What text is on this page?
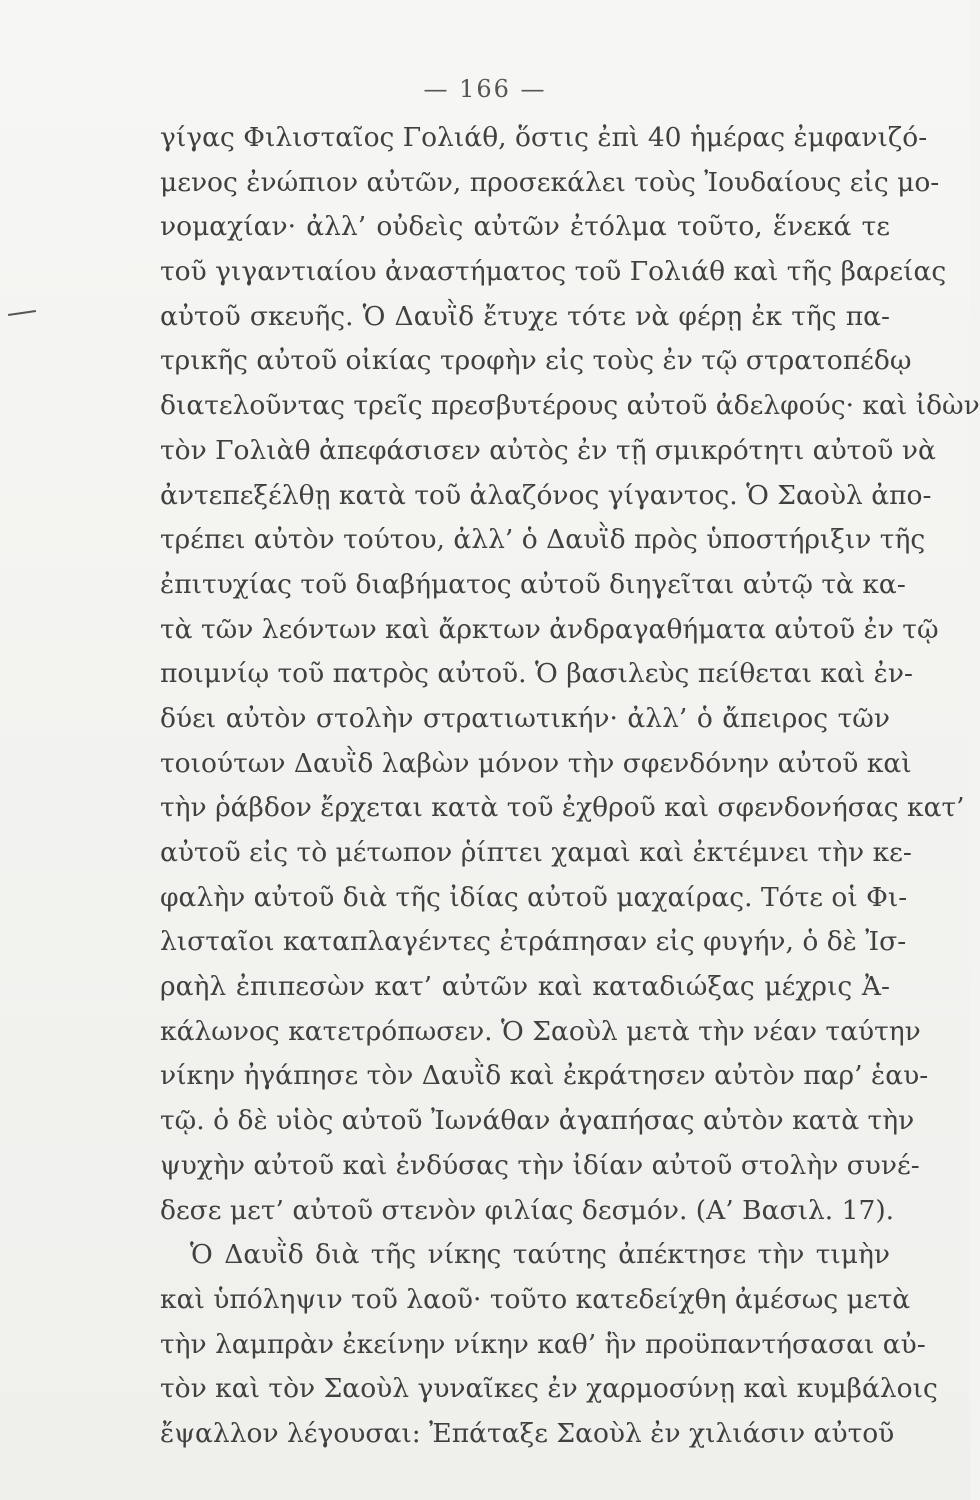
— 166 —
γίγας Φιλισταῖος Γολιάθ, ὅστις ἐπὶ 40 ἡμέρας ἐμφανιζό-
μενος ἐνώπιον αὐτῶν, προσεκάλει τοὺς Ἰουδαίους εἰς μο-
νομαχίαν· ἀλλ’ οὐδεὶς αὐτῶν ἐτόλμα τοῦτο, ἕνεκά τε
τοῦ γιγαντιαίου ἀναστήματος τοῦ Γολιάθ καὶ τῆς βαρείας
αὐτοῦ σκευῆς. Ὁ Δαυῒδ ἔτυχε τότε νὰ φέρῃ ἐκ τῆς πα-
τρικῆς αὐτοῦ οἰκίας τροφὴν εἰς τοὺς ἐν τῷ στρατοπέδῳ
διατελοῦντας τρεῖς πρεσβυτέρους αὐτοῦ ἀδελφούς· καὶ ἰδὼν
τὸν Γολιὰθ ἀπεφάσισεν αὐτὸς ἐν τῇ σμικρότητι αὐτοῦ νὰ
ἀντεπεξέλθῃ κατὰ τοῦ ἀλαζόνος γίγαντος. Ὁ Σαοὺλ ἀπο-
τρέπει αὐτὸν τούτου, ἀλλ’ ὁ Δαυῒδ πρὸς ὑποστήριξιν τῆς
ἐπιτυχίας τοῦ διαβήματος αὐτοῦ διηγεῖται αὐτῷ τὰ κα-
τὰ τῶν λεόντων καὶ ἄρκτων ἀνδραγαθήματα αὐτοῦ ἐν τῷ
ποιμνίῳ τοῦ πατρὸς αὐτοῦ. Ὁ βασιλεὺς πείθεται καὶ ἐν-
δύει αὐτὸν στολὴν στρατιωτικήν· ἀλλ’ ὁ ἄπειρος τῶν
τοιούτων Δαυῒδ λαβὼν μόνον τὴν σφενδόνην αὐτοῦ καὶ
τὴν ῥάβδον ἔρχεται κατὰ τοῦ ἐχθροῦ καὶ σφενδονήσας κατ’
αὐτοῦ εἰς τὸ μέτωπον ῥίπτει χαμαὶ καὶ ἐκτέμνει τὴν κε-
φαλὴν αὐτοῦ διὰ τῆς ἰδίας αὐτοῦ μαχαίρας. Τότε οἱ Φι-
λισταῖοι καταπλαγέντες ἐτράπησαν εἰς φυγήν, ὁ δὲ Ἰσ-
ραὴλ ἐπιπεσὼν κατ’ αὐτῶν καὶ καταδιώξας μέχρις Ἀ-
κάλωνος κατετρόπωσεν. Ὁ Σαοὺλ μετὰ τὴν νέαν ταύτην
νίκην ἠγάπησε τὸν Δαυῒδ καὶ ἐκράτησεν αὐτὸν παρ’ ἑαυ-
τῷ. ὁ δὲ υἱὸς αὐτοῦ Ἰωνάθαν ἀγαπήσας αὐτὸν κατὰ τὴν
ψυχὴν αὐτοῦ καὶ ἐνδύσας τὴν ἰδίαν αὐτοῦ στολὴν συνέ-
δεσε μετ’ αὐτοῦ στενὸν φιλίας δεσμόν. (Α’ Βασιλ. 17).
Ὁ Δαυῒδ διὰ τῆς νίκης ταύτης ἀπέκτησε τὴν τιμὴν
καὶ ὑπόληψιν τοῦ λαοῦ· τοῦτο κατεδείχθη ἀμέσως μετὰ
τὴν λαμπρὰν ἐκείνην νίκην καθ’ ἣν προϋπαντήσασαι αὐ-
τὸν καὶ τὸν Σαοὺλ γυναῖκες ἐν χαρμοσύνῃ καὶ κυμβάλοις
ἔψαλλον λέγουσαι: Ἐπάταξε Σαοὺλ ἐν χιλιάσιν αὐτοῦ
